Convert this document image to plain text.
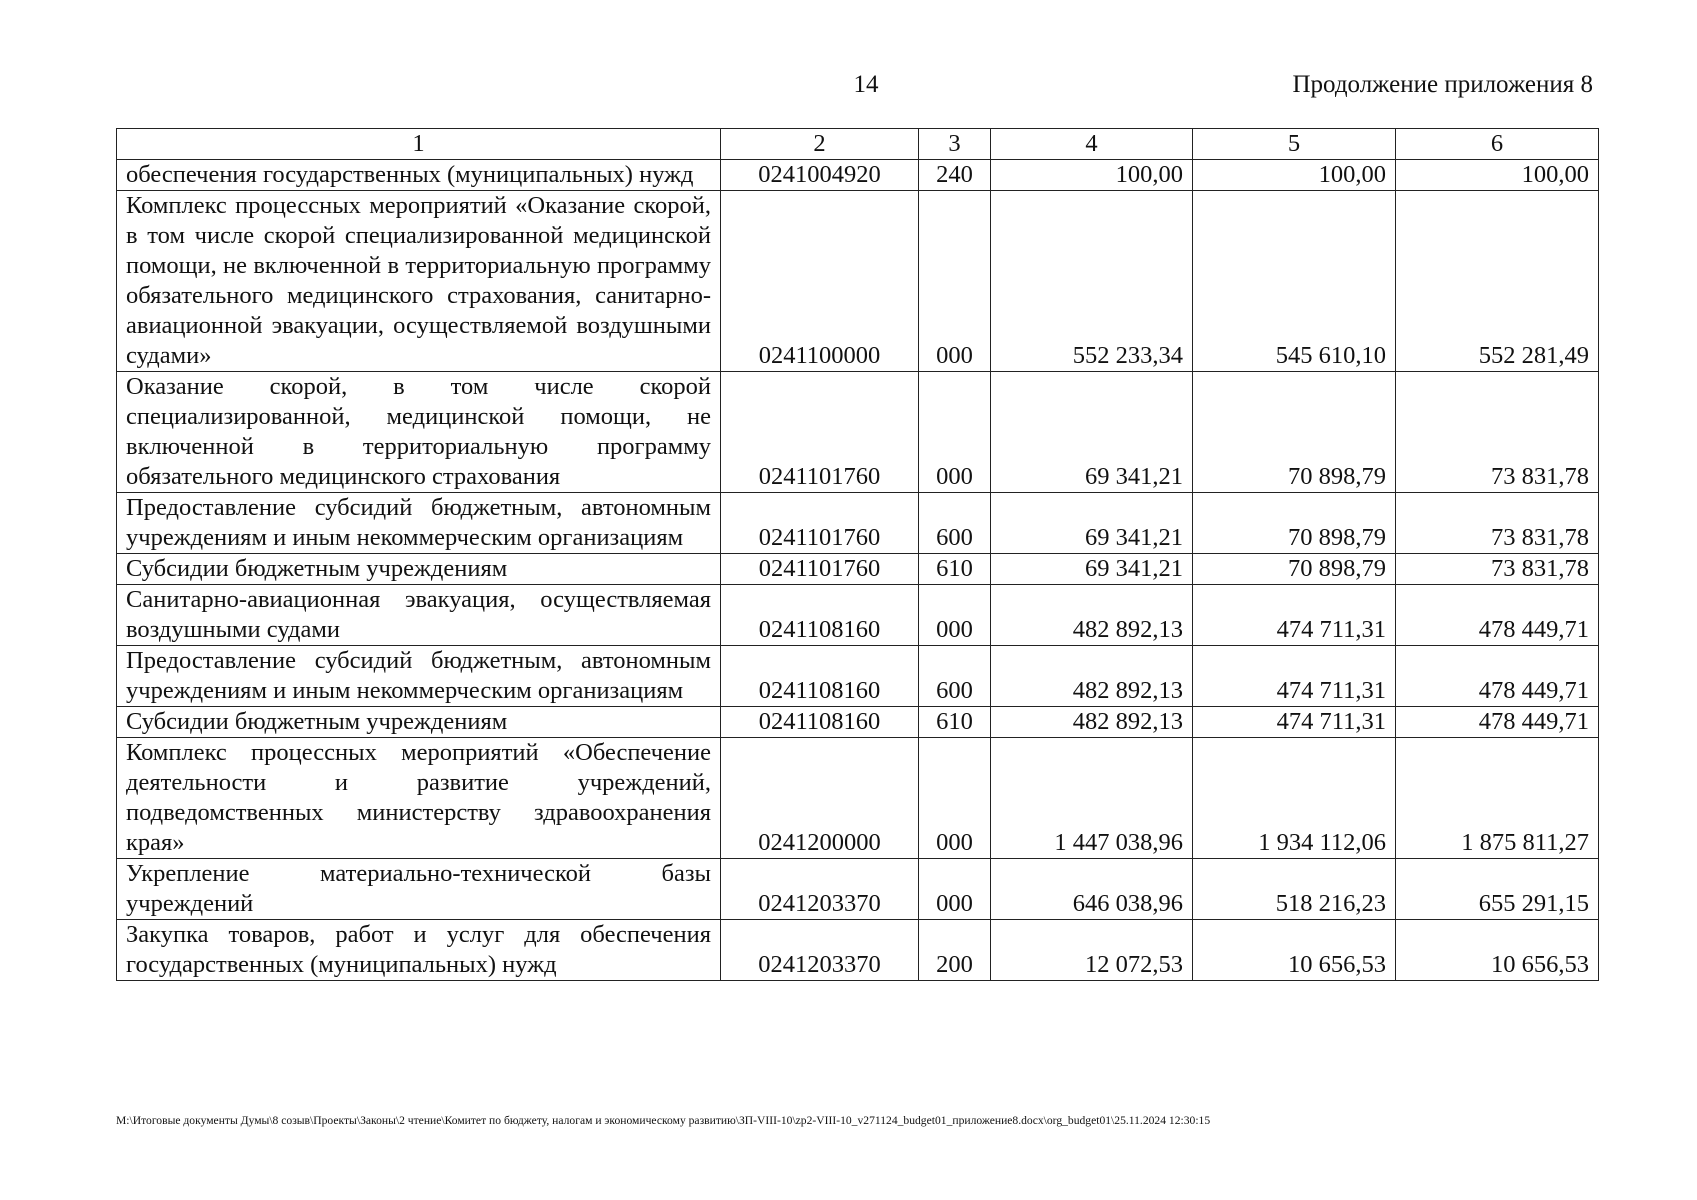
14	Продолжение приложения 8
1	2	3	4	5	6
обеспечения государственных (муниципальных) нужд	0241004920	240	100,00	100,00	100,00
Комплекс процессных мероприятий «Оказание скорой, в том числе скорой специализированной медицинской помощи, не включенной в территориальную программу обязательного медицинского страхования, санитарно-авиационной эвакуации, осуществляемой воздушными судами»	0241100000	000	552 233,34	545 610,10	552 281,49
Оказание скорой, в том числе скорой специализированной, медицинской помощи, не включенной в территориальную программу обязательного медицинского страхования	0241101760	000	69 341,21	70 898,79	73 831,78
Предоставление субсидий бюджетным, автономным учреждениям и иным некоммерческим организациям	0241101760	600	69 341,21	70 898,79	73 831,78
Субсидии бюджетным учреждениям	0241101760	610	69 341,21	70 898,79	73 831,78
Санитарно-авиационная эвакуация, осуществляемая воздушными судами	0241108160	000	482 892,13	474 711,31	478 449,71
Предоставление субсидий бюджетным, автономным учреждениям и иным некоммерческим организациям	0241108160	600	482 892,13	474 711,31	478 449,71
Субсидии бюджетным учреждениям	0241108160	610	482 892,13	474 711,31	478 449,71
Комплекс процессных мероприятий «Обеспечение деятельности и развитие учреждений, подведомственных министерству здравоохранения края»	0241200000	000	1 447 038,96	1 934 112,06	1 875 811,27
Укрепление материально-технической базы учреждений	0241203370	000	646 038,96	518 216,23	655 291,15
Закупка товаров, работ и услуг для обеспечения государственных (муниципальных) нужд	0241203370	200	12 072,53	10 656,53	10 656,53
М:\Итоговые документы Думы\8 созыв\Проекты\Законы\2 чтение\Комитет по бюджету, налогам и экономическому развитию\ЗП-VIII-10\zp2-VIII-10_v271124_budget01_приложение8.docx\org_budget01\25.11.2024 12:30:15
